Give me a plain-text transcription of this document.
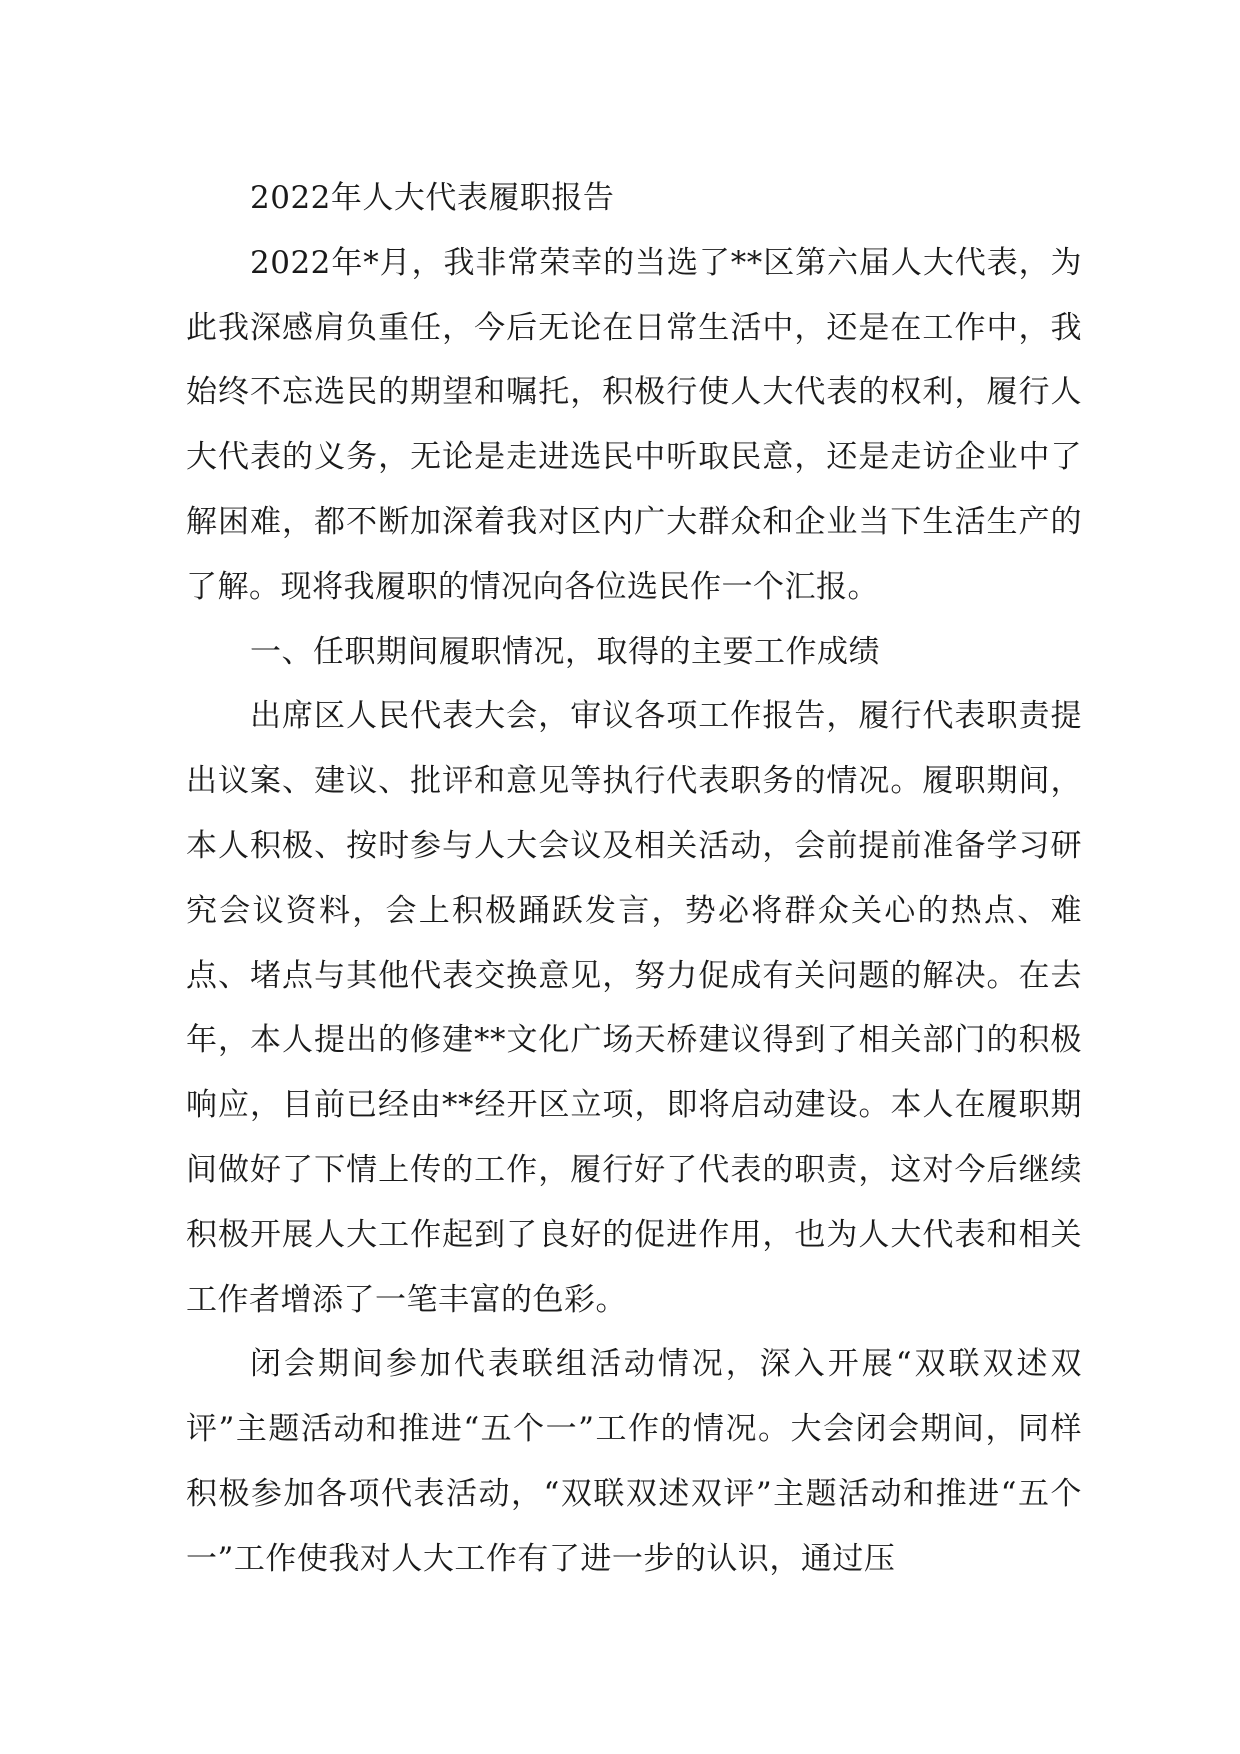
2022年人大代表履职报告

2022年*月，我非常荣幸的当选了**区第六届人大代表，为此我深感肩负重任，今后无论在日常生活中，还是在工作中，我始终不忘选民的期望和嘱托，积极行使人大代表的权利，履行人大代表的义务，无论是走进选民中听取民意，还是走访企业中了解困难，都不断加深着我对区内广大群众和企业当下生活生产的了解。现将我履职的情况向各位选民作一个汇报。

一、任职期间履职情况，取得的主要工作成绩

出席区人民代表大会，审议各项工作报告，履行代表职责提出议案、建议、批评和意见等执行代表职务的情况。履职期间，本人积极、按时参与人大会议及相关活动，会前提前准备学习研究会议资料，会上积极踊跃发言，势必将群众关心的热点、难点、堵点与其他代表交换意见，努力促成有关问题的解决。在去年，本人提出的修建**文化广场天桥建议得到了相关部门的积极响应，目前已经由**经开区立项，即将启动建设。本人在履职期间做好了下情上传的工作，履行好了代表的职责，这对今后继续积极开展人大工作起到了良好的促进作用，也为人大代表和相关工作者增添了一笔丰富的色彩。

闭会期间参加代表联组活动情况，深入开展“双联双述双评”主题活动和推进“五个一”工作的情况。大会闭会期间，同样积极参加各项代表活动，“双联双述双评”主题活动和推进“五个一”工作使我对人大工作有了进一步的认识，通过压
